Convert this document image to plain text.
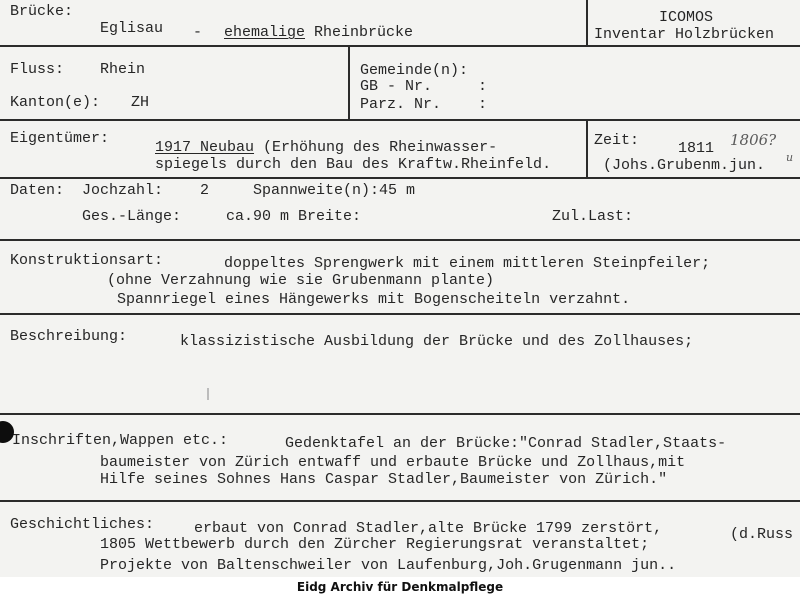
Brücke:
Eglisau - ehemalige Rheinbrücke
ICOMOS
Inventar Holzbrücken
Fluss: Rhein
Kanton(e): ZH
Gemeinde(n):
GB - Nr.	:
Parz. Nr. :
Eigentümer:
1917 Neubau (Erhöhung des Rheinwasser-
spiegels durch den Bau des Kraftw.Rheinfeld.
Zeit:	1811 1806?
(Johs.Grubenm.jun. u
Daten: Jochzahl: 2	Spannweite(n): 45 m
Ges.-Länge:	ca.90 m Breite:	Zul.Last:
Konstruktionsart:	doppeltes Sprengwerk mit einem mittleren Steinpfeiler;
(ohne Verzahnung wie sie Grubenmann plante)
Spannriegel eines Hängewerks mit Bogenscheiteln verzahnt.
Beschreibung:	klassizistische Ausbildung der Brücke und des Zollhauses;
Inschriften,Wappen etc.:	Gedenktafel an der Brücke:"Conrad Stadler,Staats-
baumeister von Zürich entwaff und erbaute Brücke und Zollhaus,mit
Hilfe seines Sohnes Hans Caspar Stadler,Baumeister von Zürich."
Geschichtliches:	erbaut von Conrad Stadler,alte Brücke 1799 zerstört,	(d.Russ
1805 Wettbewerb durch den Zürcher Regierungsrat veranstaltet;
Projekte von Baltenschweiler von Laufenburg,Joh.Grugenmann jun..
Eidg Archiv für Denkmalpflege
